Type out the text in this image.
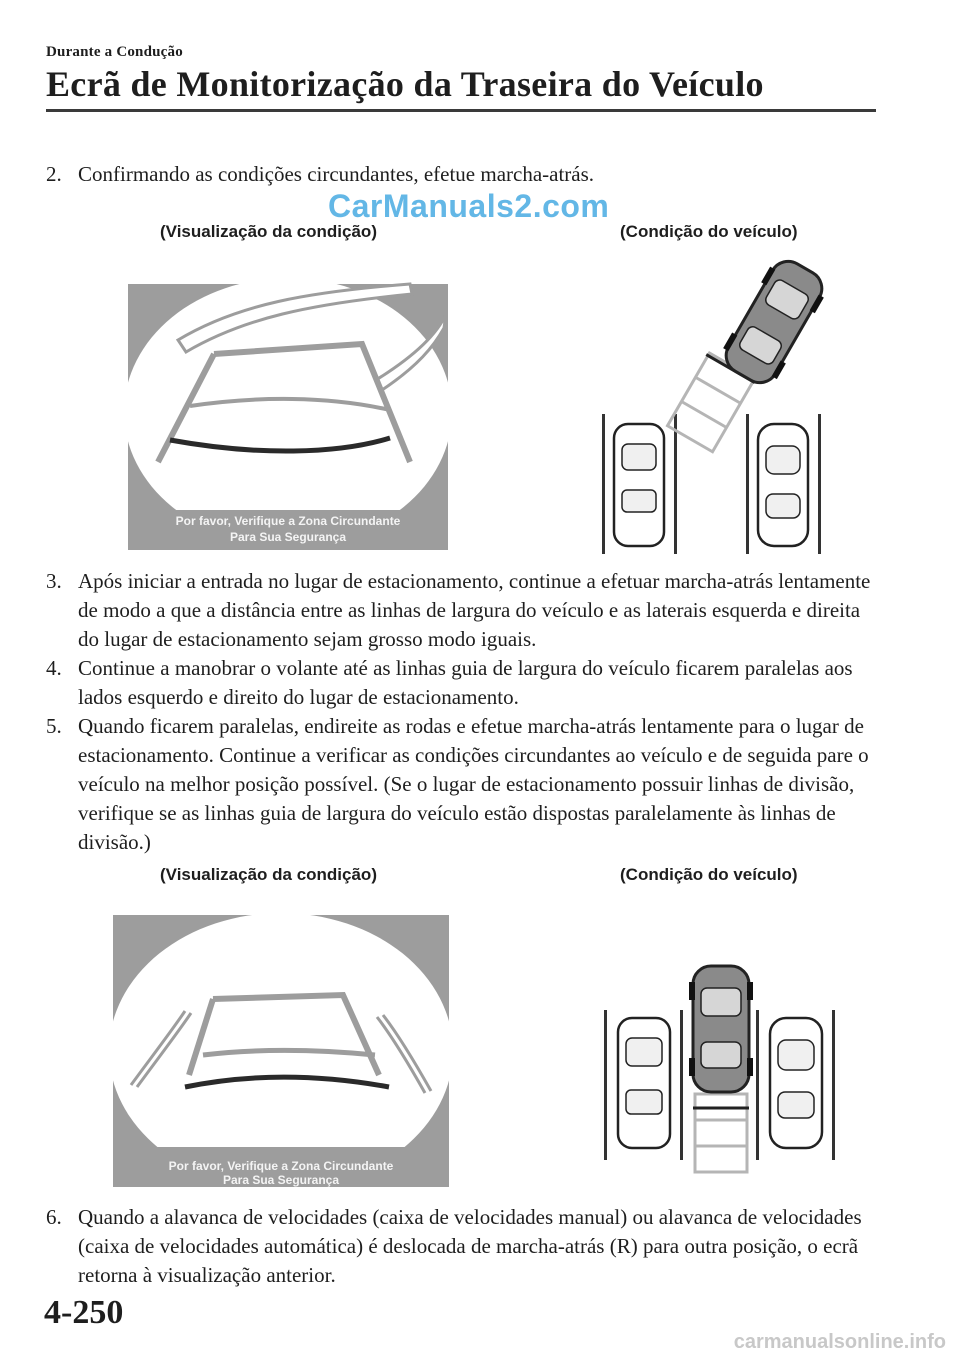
Durante a Condução
Ecrã de Monitorização da Traseira do Veículo
2. Confirmando as condições circundantes, efetue marcha-atrás.
CarManuals2.com
(Visualização da condição)	(Condição do veículo)
Por favor, Verifique a Zona Circundante
Para Sua Segurança
3. Após iniciar a entrada no lugar de estacionamento, continue a efetuar marcha-atrás lentamente de modo a que a distância entre as linhas de largura do veículo e as laterais esquerda e direita do lugar de estacionamento sejam grosso modo iguais.
4. Continue a manobrar o volante até as linhas guia de largura do veículo ficarem paralelas aos lados esquerdo e direito do lugar de estacionamento.
5. Quando ficarem paralelas, endireite as rodas e efetue marcha-atrás lentamente para o lugar de estacionamento. Continue a verificar as condições circundantes ao veículo e de seguida pare o veículo na melhor posição possível. (Se o lugar de estacionamento possuir linhas de divisão, verifique se as linhas guia de largura do veículo estão dispostas paralelamente às linhas de divisão.)
(Visualização da condição)	(Condição do veículo)
Por favor, Verifique a Zona Circundante
Para Sua Segurança
6. Quando a alavanca de velocidades (caixa de velocidades manual) ou alavanca de velocidades (caixa de velocidades automática) é deslocada de marcha-atrás (R) para outra posição, o ecrã retorna à visualização anterior.
4-250
carmanualsonline.info
